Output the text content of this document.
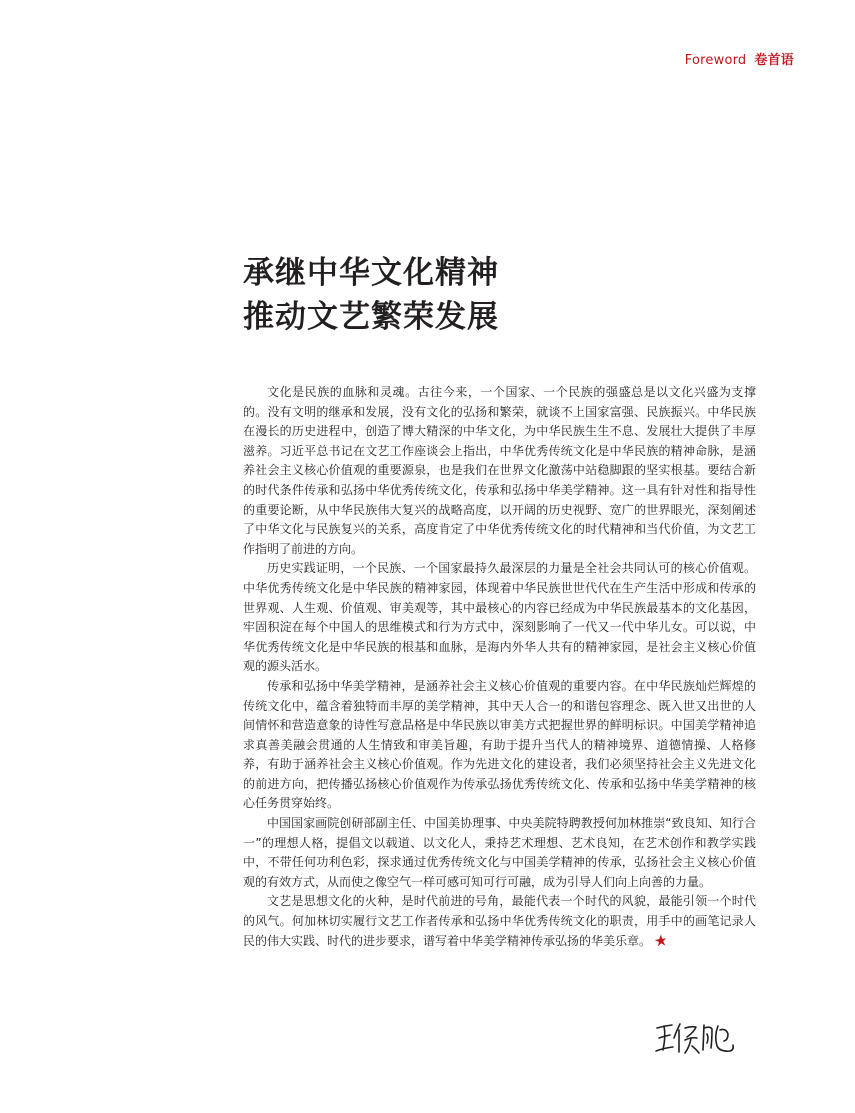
Foreword 卷首语
承继中华文化精神
推动文艺繁荣发展

文化是民族的血脉和灵魂。古往今来，一个国家、一个民族的强盛总是以文化兴盛为支撑的。没有文明的继承和发展，没有文化的弘扬和繁荣，就谈不上国家富强、民族振兴。中华民族在漫长的历史进程中，创造了博大精深的中华文化，为中华民族生生不息、发展壮大提供了丰厚滋养。习近平总书记在文艺工作座谈会上指出，中华优秀传统文化是中华民族的精神命脉，是涵养社会主义核心价值观的重要源泉，也是我们在世界文化激荡中站稳脚跟的坚实根基。要结合新的时代条件传承和弘扬中华优秀传统文化，传承和弘扬中华美学精神。这一具有针对性和指导性的重要论断，从中华民族伟大复兴的战略高度，以开阔的历史视野、宽广的世界眼光，深刻阐述了中华文化与民族复兴的关系，高度肯定了中华优秀传统文化的时代精神和当代价值，为文艺工作指明了前进的方向。

历史实践证明，一个民族、一个国家最持久最深层的力量是全社会共同认可的核心价值观。中华优秀传统文化是中华民族的精神家园，体现着中华民族世世代代在生产生活中形成和传承的世界观、人生观、价值观、审美观等，其中最核心的内容已经成为中华民族最基本的文化基因，牢固积淀在每个中国人的思维模式和行为方式中，深刻影响了一代又一代中华儿女。可以说，中华优秀传统文化是中华民族的根基和血脉，是海内外华人共有的精神家园，是社会主义核心价值观的源头活水。

传承和弘扬中华美学精神，是涵养社会主义核心价值观的重要内容。在中华民族灿烂辉煌的传统文化中，蕴含着独特而丰厚的美学精神，其中天人合一的和谐包容理念、既入世又出世的人间情怀和营造意象的诗性写意品格是中华民族以审美方式把握世界的鲜明标识。中国美学精神追求真善美融会贯通的人生情致和审美旨趣，有助于提升当代人的精神境界、道德情操、人格修养，有助于涵养社会主义核心价值观。作为先进文化的建设者，我们必须坚持社会主义先进文化的前进方向，把传播弘扬核心价值观作为传承弘扬优秀传统文化、传承和弘扬中华美学精神的核心任务贯穿始终。

中国国家画院创研部副主任、中国美协理事、中央美院特聘教授何加林推崇“致良知、知行合一”的理想人格，提倡文以载道、以文化人，秉持艺术理想、艺术良知，在艺术创作和教学实践中，不带任何功利色彩，探求通过优秀传统文化与中国美学精神的传承，弘扬社会主义核心价值观的有效方式，从而使之像空气一样可感可知可行可融，成为引导人们向上向善的力量。

文艺是思想文化的火种，是时代前进的号角，最能代表一个时代的风貌，最能引领一个时代的风气。何加林切实履行文艺工作者传承和弘扬中华优秀传统文化的职责，用手中的画笔记录人民的伟大实践、时代的进步要求，谱写着中华美学精神传承弘扬的华美乐章。
